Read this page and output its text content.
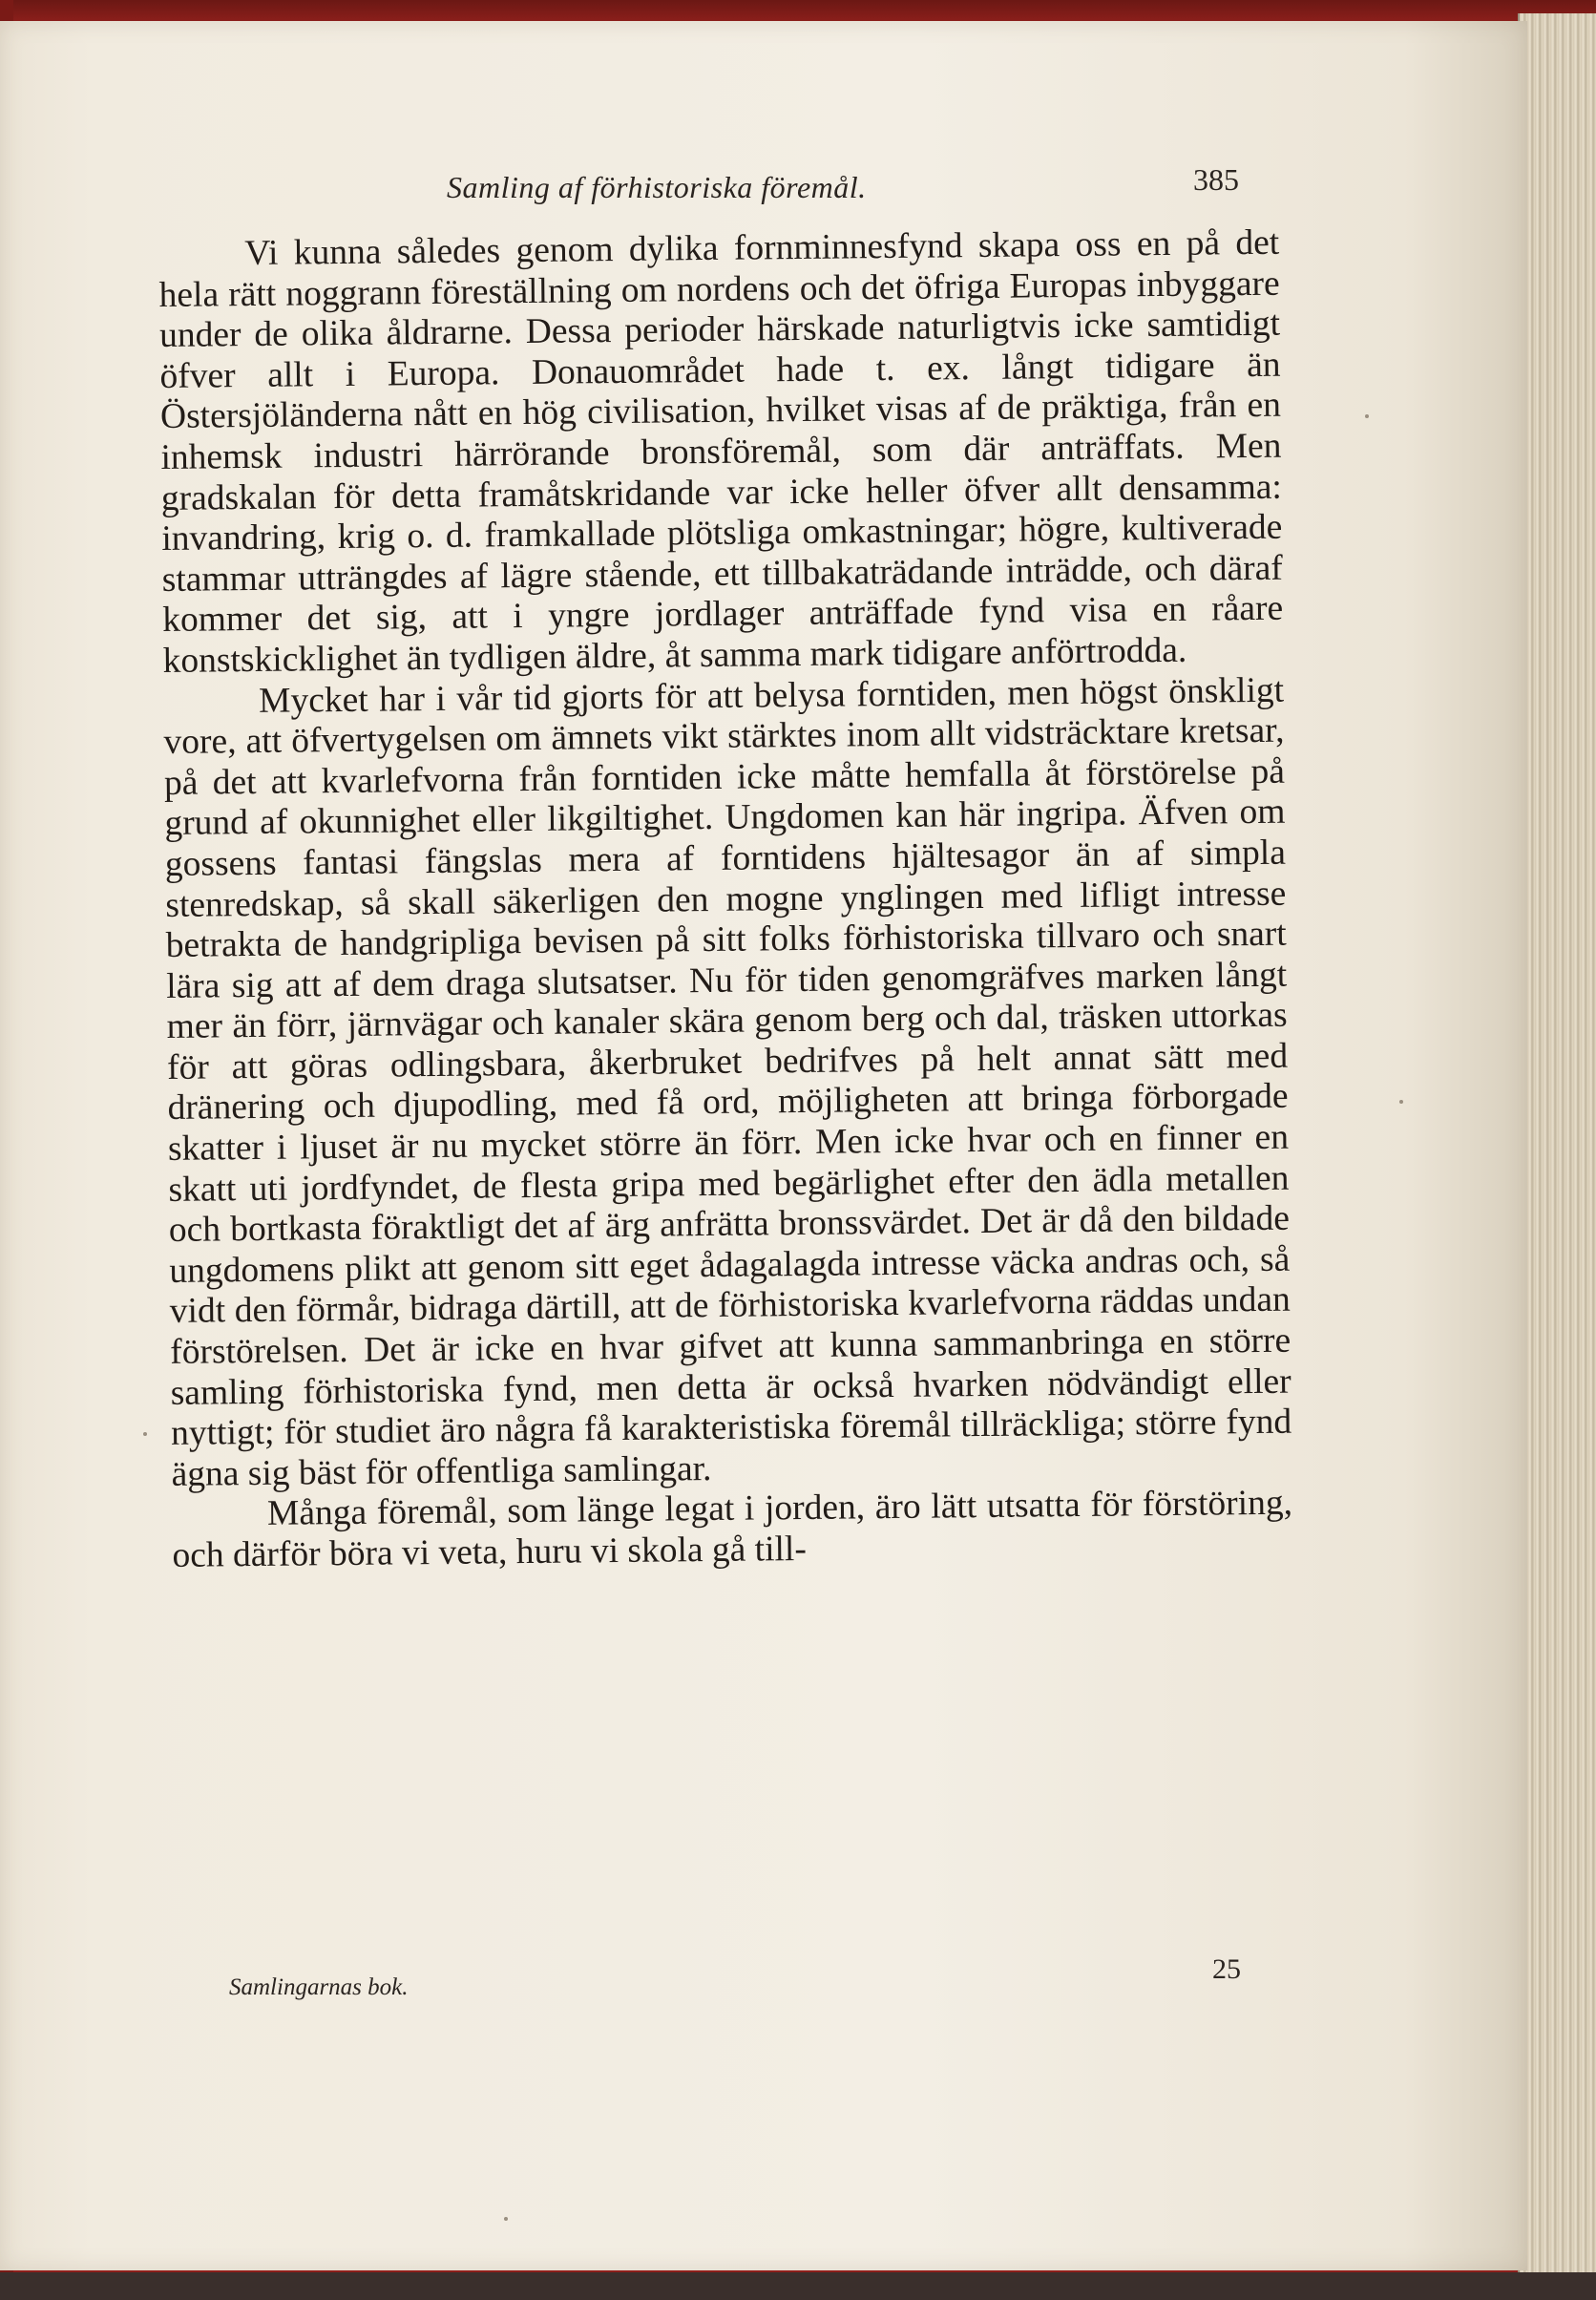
Samling af förhistoriska föremål.	385

Vi kunna således genom dylika fornminnesfynd skapa oss en på det hela rätt noggrann föreställning om nordens och det öfriga Europas inbyggare under de olika åldrarne. Dessa perioder härskade naturligtvis icke samtidigt öfver allt i Europa. Donauområdet hade t. ex. långt tidigare än Östersjöländerna nått en hög civilisation, hvilket visas af de präktiga, från en inhemsk industri härrörande bronsföremål, som där anträffats. Men gradskalan för detta framåtskridande var icke heller öfver allt densamma: invandring, krig o. d. framkallade plötsliga omkastningar; högre, kultiverade stammar utträngdes af lägre stående, ett tillbakaträdande inträdde, och däraf kommer det sig, att i yngre jordlager anträffade fynd visa en råare konstskicklighet än tydligen äldre, åt samma mark tidigare anförtrodda.

Mycket har i vår tid gjorts för att belysa forntiden, men högst önskligt vore, att öfvertygelsen om ämnets vikt stärktes inom allt vidsträcktare kretsar, på det att kvarlefvorna från forntiden icke måtte hemfalla åt förstörelse på grund af okunnighet eller likgiltighet. Ungdomen kan här ingripa. Äfven om gossens fantasi fängslas mera af forntidens hjältesagor än af simpla stenredskap, så skall säkerligen den mogne ynglingen med lifligt intresse betrakta de handgripliga bevisen på sitt folks förhistoriska tillvaro och snart lära sig att af dem draga slutsatser. Nu för tiden genomgräfves marken långt mer än förr, järnvägar och kanaler skära genom berg och dal, träsken uttorkas för att göras odlingsbara, åkerbruket bedrifves på helt annat sätt med dränering och djupodling, med få ord, möjligheten att bringa förborgade skatter i ljuset är nu mycket större än förr. Men icke hvar och en finner en skatt uti jordfyndet, de flesta gripa med begärlighet efter den ädla metallen och bortkasta föraktligt det af ärg anfrätta bronssvärdet. Det är då den bildade ungdomens plikt att genom sitt eget ådagalagda intresse väcka andras och, så vidt den förmår, bidraga därtill, att de förhistoriska kvarlefvorna räddas undan förstörelsen. Det är icke en hvar gifvet att kunna sammanbringa en större samling förhistoriska fynd, men detta är också hvarken nödvändigt eller nyttigt; för studiet äro några få karakteristiska föremål tillräckliga; större fynd ägna sig bäst för offentliga samlingar.

Många föremål, som länge legat i jorden, äro lätt utsatta för förstöring, och därför böra vi veta, huru vi skola gå till-

Samlingarnas bok.
25
